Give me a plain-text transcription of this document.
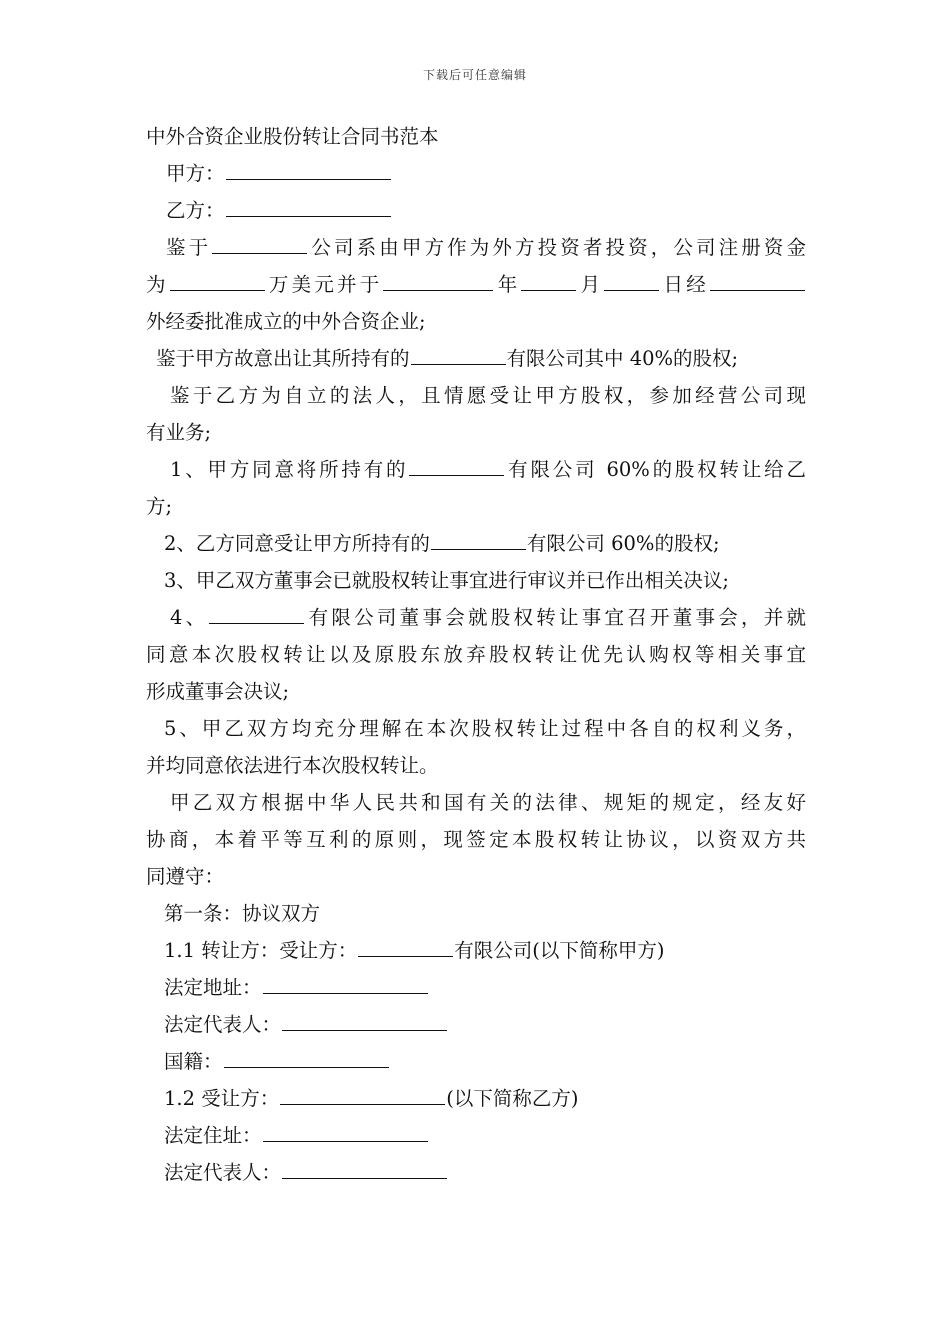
下载后可任意编辑

中外合资企业股份转让合同书范本

甲方：

乙方：

鉴于	公司系由甲方作为外方投资者投资，公司注册资金

为	万美元并于	年	月	日经

外经委批准成立的中外合资企业;

鉴于甲方故意出让其所持有的	有限公司其中 40%的股权;

鉴于乙方为自立的法人，且情愿受让甲方股权，参加经营公司现

有业务;

1、甲方同意将所持有的	有限公司 60%的股权转让给乙

方;

2、乙方同意受让甲方所持有的	有限公司 60%的股权;

3、甲乙双方董事会已就股权转让事宜进行审议并已作出相关决议;

4、	有限公司董事会就股权转让事宜召开董事会，并就

同意本次股权转让以及原股东放弃股权转让优先认购权等相关事宜

形成董事会决议;

5、甲乙双方均充分理解在本次股权转让过程中各自的权利义务，

并均同意依法进行本次股权转让。

甲乙双方根据中华人民共和国有关的法律、规矩的规定，经友好

协商，本着平等互利的原则，现签定本股权转让协议，以资双方共

同遵守：

第一条：协议双方

1.1 转让方：受让方：	有限公司(以下简称甲方)

法定地址：

法定代表人：

国籍：

1.2 受让方：	(以下简称乙方)

法定住址：

法定代表人：
